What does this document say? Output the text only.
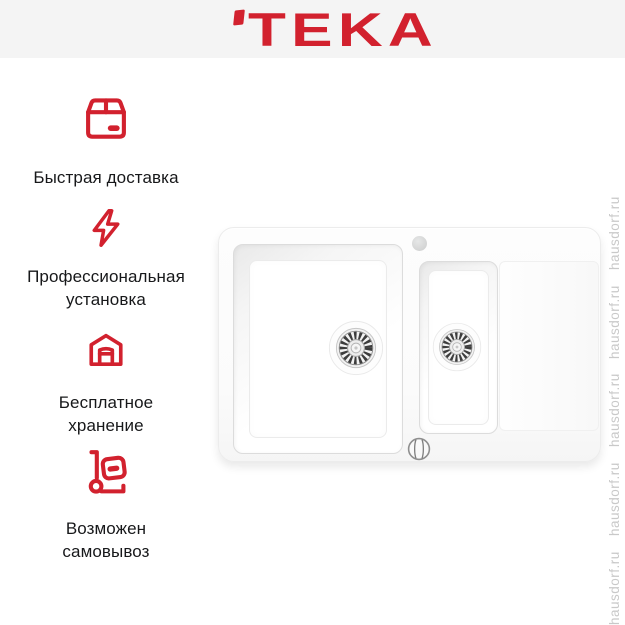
TEKA
Быстрая доставка
Профессиональная
установка
Бесплатное
хранение
Возможен
самовывоз	hausdorf.ru
hausdorf.ru
hausdorf.ru
hausdorf.ru
hausdorf.ru
